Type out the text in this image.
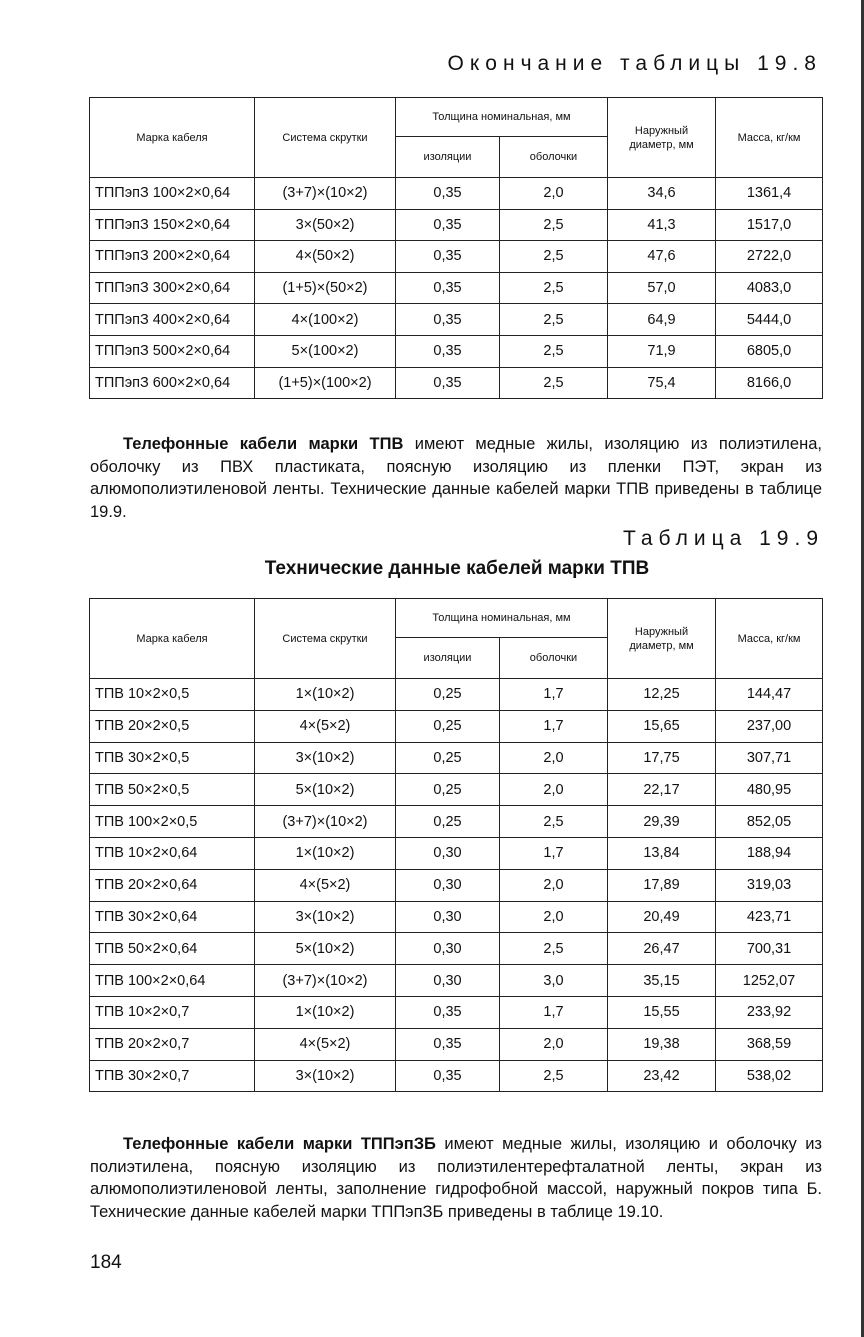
Окончание таблицы 19.8
Марка кабеля	Система скрутки	Толщина номинальная, мм		Наружный диаметр, мм	Масса, кг/км
		изоляции	оболочки		
ТППэпЗ 100×2×0,64	(3+7)×(10×2)	0,35	2,0	34,6	1361,4
ТППэпЗ 150×2×0,64	3×(50×2)	0,35	2,5	41,3	1517,0
ТППэпЗ 200×2×0,64	4×(50×2)	0,35	2,5	47,6	2722,0
ТППэпЗ 300×2×0,64	(1+5)×(50×2)	0,35	2,5	57,0	4083,0
ТППэпЗ 400×2×0,64	4×(100×2)	0,35	2,5	64,9	5444,0
ТППэпЗ 500×2×0,64	5×(100×2)	0,35	2,5	71,9	6805,0
ТППэпЗ 600×2×0,64	(1+5)×(100×2)	0,35	2,5	75,4	8166,0
Телефонные кабели марки ТПВ имеют медные жилы, изоляцию из полиэтилена, оболочку из ПВХ пластиката, поясную изоляцию из пленки ПЭТ, экран из алюмополиэтиленовой ленты. Технические данные кабелей марки ТПВ приведены в таблице 19.9.
Таблица 19.9
Технические данные кабелей марки ТПВ
Марка кабеля	Система скрутки	Толщина номинальная, мм		Наружный диаметр, мм	Масса, кг/км
		изоляции	оболочки		
ТПВ 10×2×0,5	1×(10×2)	0,25	1,7	12,25	144,47
ТПВ 20×2×0,5	4×(5×2)	0,25	1,7	15,65	237,00
ТПВ 30×2×0,5	3×(10×2)	0,25	2,0	17,75	307,71
ТПВ 50×2×0,5	5×(10×2)	0,25	2,0	22,17	480,95
ТПВ 100×2×0,5	(3+7)×(10×2)	0,25	2,5	29,39	852,05
ТПВ 10×2×0,64	1×(10×2)	0,30	1,7	13,84	188,94
ТПВ 20×2×0,64	4×(5×2)	0,30	2,0	17,89	319,03
ТПВ 30×2×0,64	3×(10×2)	0,30	2,0	20,49	423,71
ТПВ 50×2×0,64	5×(10×2)	0,30	2,5	26,47	700,31
ТПВ 100×2×0,64	(3+7)×(10×2)	0,30	3,0	35,15	1252,07
ТПВ 10×2×0,7	1×(10×2)	0,35	1,7	15,55	233,92
ТПВ 20×2×0,7	4×(5×2)	0,35	2,0	19,38	368,59
ТПВ 30×2×0,7	3×(10×2)	0,35	2,5	23,42	538,02
Телефонные кабели марки ТППэпЗБ имеют медные жилы, изоляцию и оболочку из полиэтилена, поясную изоляцию из полиэтилентерефталатной ленты, экран из алюмополиэтиленовой ленты, заполнение гидрофобной массой, наружный покров типа Б. Технические данные кабелей марки ТППэпЗБ приведены в таблице 19.10.
184
